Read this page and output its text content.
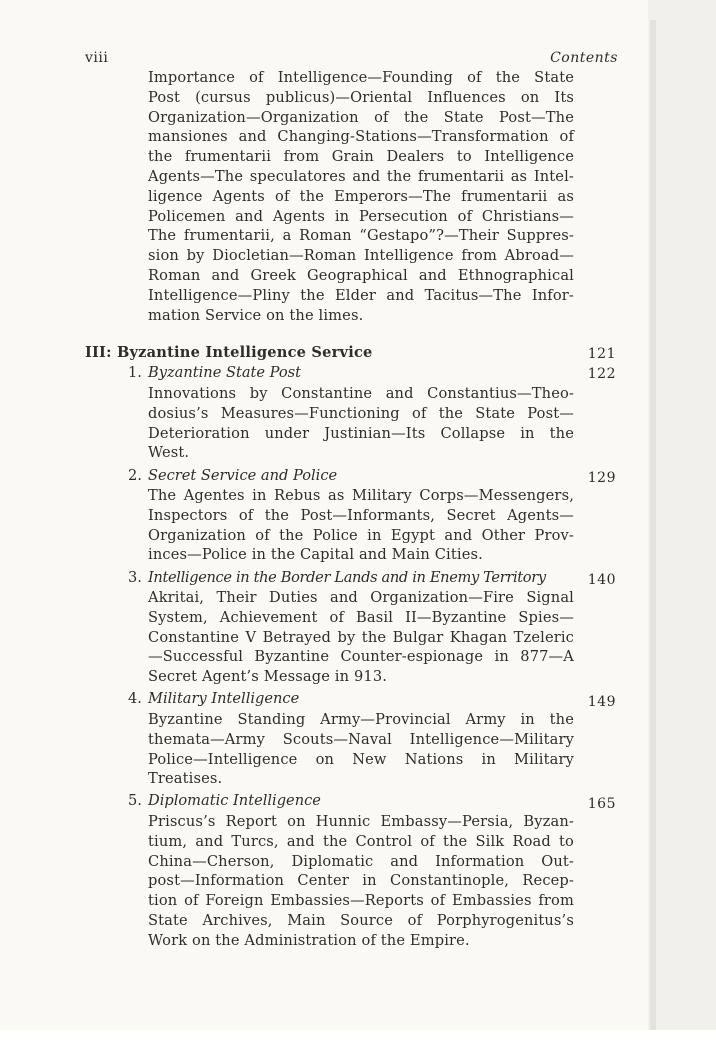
viii	Contents
Importance of Intelligence—Founding of the State
Post (cursus publicus)—Oriental Influences on Its
Organization—Organization of the State Post—The
mansiones and Changing-Stations—Transformation of
the frumentarii from Grain Dealers to Intelligence
Agents—The speculatores and the frumentarii as Intel-
ligence Agents of the Emperors—The frumentarii as
Policemen and Agents in Persecution of Christians—
The frumentarii, a Roman “Gestapo”?—Their Suppres-
sion by Diocletian—Roman Intelligence from Abroad—
Roman and Greek Geographical and Ethnographical
Intelligence—Pliny the Elder and Tacitus—The Infor-
mation Service on the limes.
III: Byzantine Intelligence Service	121
1. Byzantine State Post	122
Innovations by Constantine and Constantius—Theo-
dosius’s Measures—Functioning of the State Post—
Deterioration under Justinian—Its Collapse in the
West.
2. Secret Service and Police	129
The Agentes in Rebus as Military Corps—Messengers,
Inspectors of the Post—Informants, Secret Agents—
Organization of the Police in Egypt and Other Prov-
inces—Police in the Capital and Main Cities.
3. Intelligence in the Border Lands and in Enemy Territory	140
Akritai, Their Duties and Organization—Fire Signal
System, Achievement of Basil II—Byzantine Spies—
Constantine V Betrayed by the Bulgar Khagan Tzeleric
—Successful Byzantine Counter-espionage in 877—A
Secret Agent’s Message in 913.
4. Military Intelligence	149
Byzantine Standing Army—Provincial Army in the
themata—Army Scouts—Naval Intelligence—Military
Police—Intelligence on New Nations in Military
Treatises.
5. Diplomatic Intelligence	165
Priscus’s Report on Hunnic Embassy—Persia, Byzan-
tium, and Turcs, and the Control of the Silk Road to
China—Cherson, Diplomatic and Information Out-
post—Information Center in Constantinople, Recep-
tion of Foreign Embassies—Reports of Embassies from
State Archives, Main Source of Porphyrogenitus’s
Work on the Administration of the Empire.
